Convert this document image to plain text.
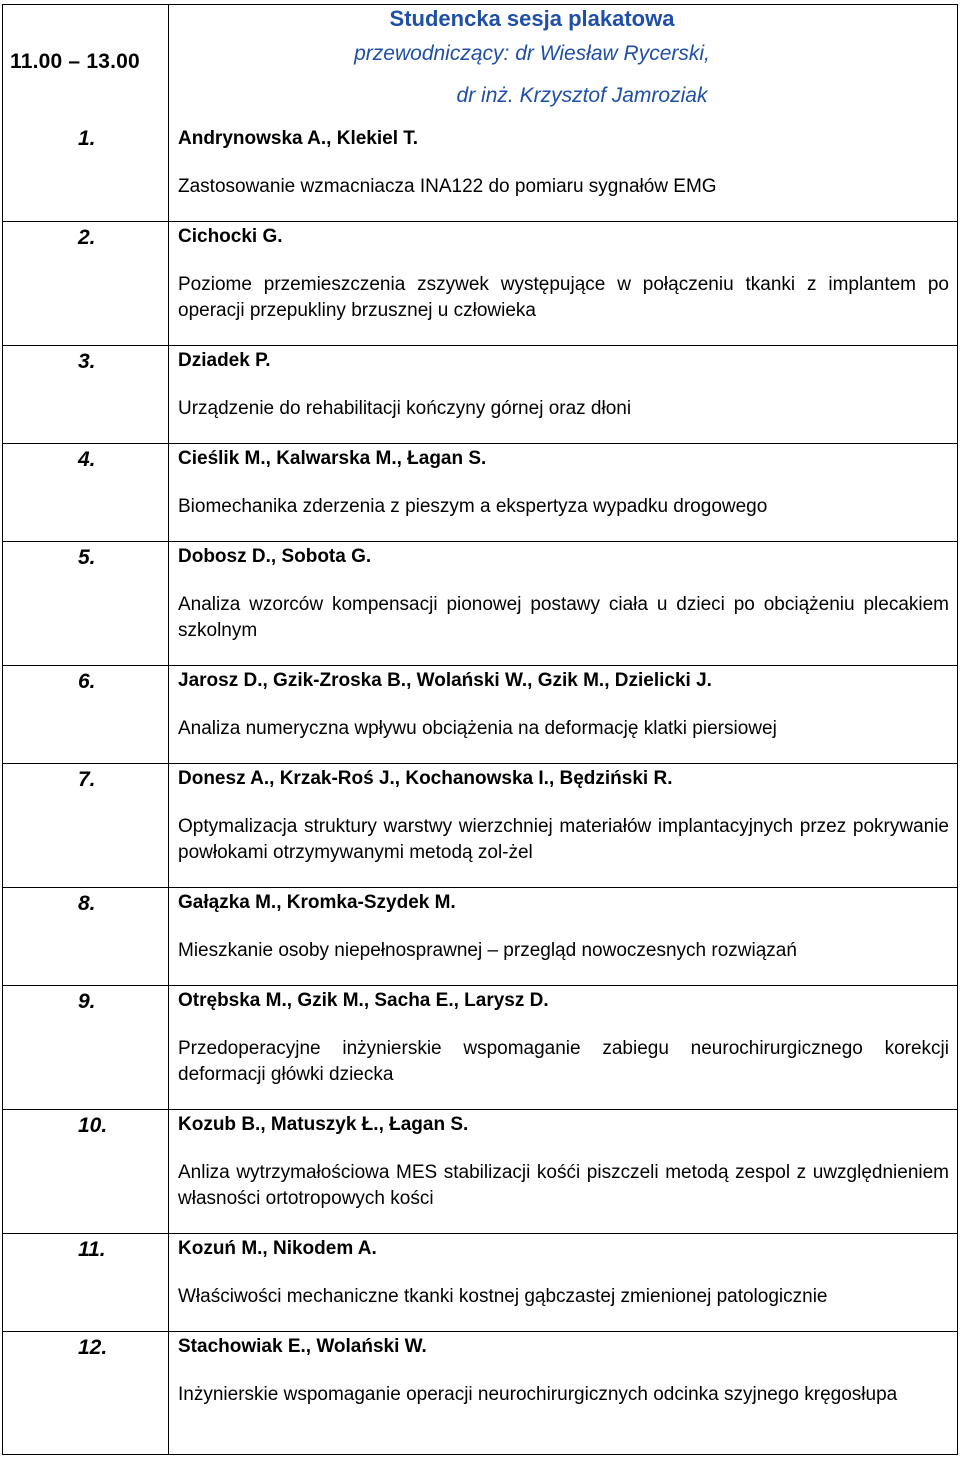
11.00 – 13.00
Studencka sesja plakatowa
przewodniczący: dr Wiesław Rycerski,
dr inż. Krzysztof Jamroziak
1.	Andrynowska A., Klekiel T.
Zastosowanie wzmacniacza INA122 do pomiaru sygnałów EMG
2.	Cichocki G.
Poziome przemieszczenia zszywek występujące w połączeniu tkanki z implantem po operacji przepukliny brzusznej u człowieka
3.	Dziadek P.
Urządzenie do rehabilitacji kończyny górnej oraz dłoni
4.	Cieślik M., Kalwarska M., Łagan S.
Biomechanika zderzenia z pieszym a ekspertyza wypadku drogowego
5.	Dobosz D., Sobota G.
Analiza wzorców kompensacji pionowej postawy ciała u dzieci po obciążeniu plecakiem szkolnym
6.	Jarosz D., Gzik-Zroska B., Wolański W., Gzik M., Dzielicki J.
Analiza numeryczna wpływu obciążenia na deformację klatki piersiowej
7.	Donesz A., Krzak-Roś J., Kochanowska I., Będziński R.
Optymalizacja struktury warstwy wierzchniej materiałów implantacyjnych przez pokrywanie powłokami otrzymywanymi metodą zol-żel
8.	Gałązka M., Kromka-Szydek M.
Mieszkanie osoby niepełnosprawnej – przegląd nowoczesnych rozwiązań
9.	Otrębska M., Gzik M., Sacha E., Larysz D.
Przedoperacyjne inżynierskie wspomaganie zabiegu neurochirurgicznego korekcji deformacji główki dziecka
10.	Kozub B., Matuszyk Ł., Łagan S.
Anliza wytrzymałościowa MES stabilizacji kośći piszczeli metodą zespol z uwzględnieniem własności ortotropowych kości
11.	Kozuń M., Nikodem A.
Właściwości mechaniczne tkanki kostnej gąbczastej zmienionej patologicznie
12.	Stachowiak E., Wolański W.
Inżynierskie wspomaganie operacji neurochirurgicznych odcinka szyjnego kręgosłupa
